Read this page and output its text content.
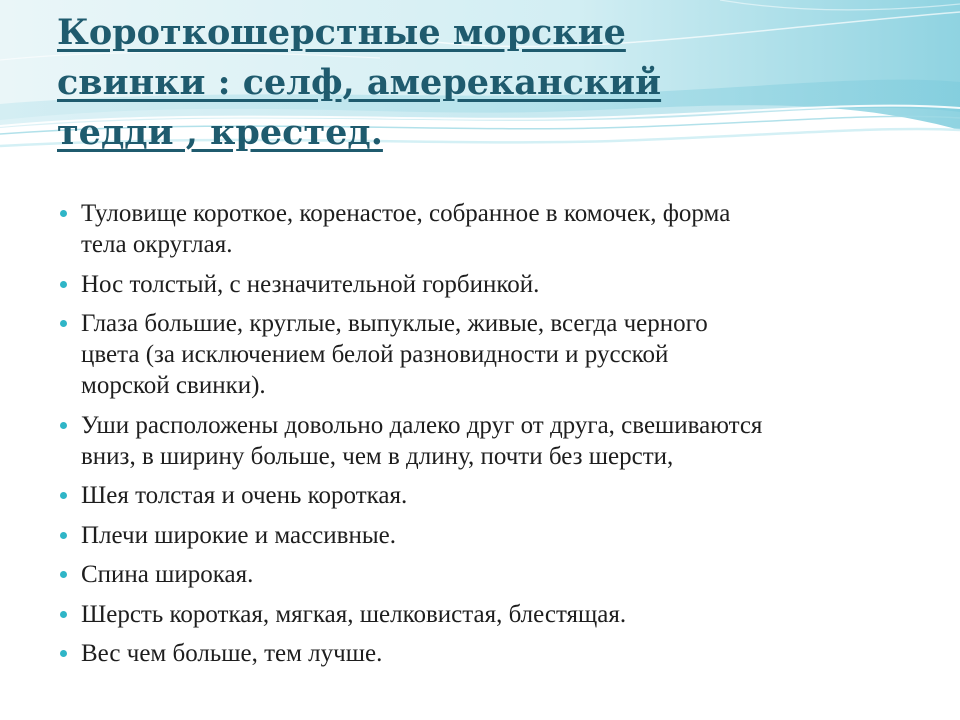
Короткошерстные морские
свинки : селф, амереканский
тедди , крестед.
Туловище короткое, коренастое, собранное в комочек, форма
тела округлая.
Нос толстый, с незначительной горбинкой.
Глаза большие, круглые, выпуклые, живые, всегда черного
цвета (за исключением белой разновидности и русской
морской свинки).
Уши расположены довольно далеко друг от друга, свешиваются
вниз, в ширину больше, чем в длину, почти без шерсти,
Шея толстая и очень короткая.
Плечи широкие и массивные.
Спина широкая.
Шерсть короткая, мягкая, шелковистая, блестящая.
Вес чем больше, тем лучше.
